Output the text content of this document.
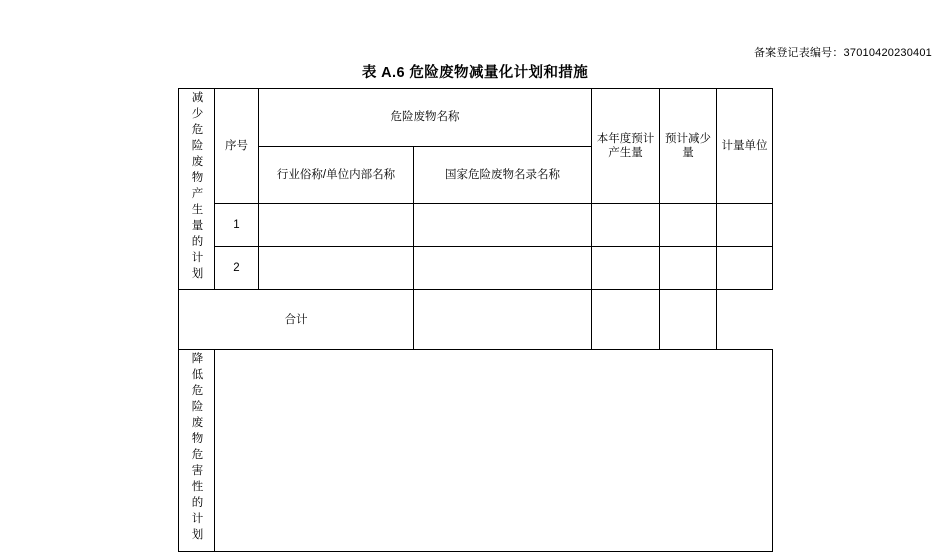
备案登记表编号：37010420230401
表 A.6 危险废物减量化计划和措施
减少危险废物产生量的计划	序号	危险废物名称		本年度预计产生量	预计减少量	计量单位
		行业俗称/单位内部名称	国家危险废物名录名称			
	1					
	2					
合计						
降低危险废物危害性的计划						
